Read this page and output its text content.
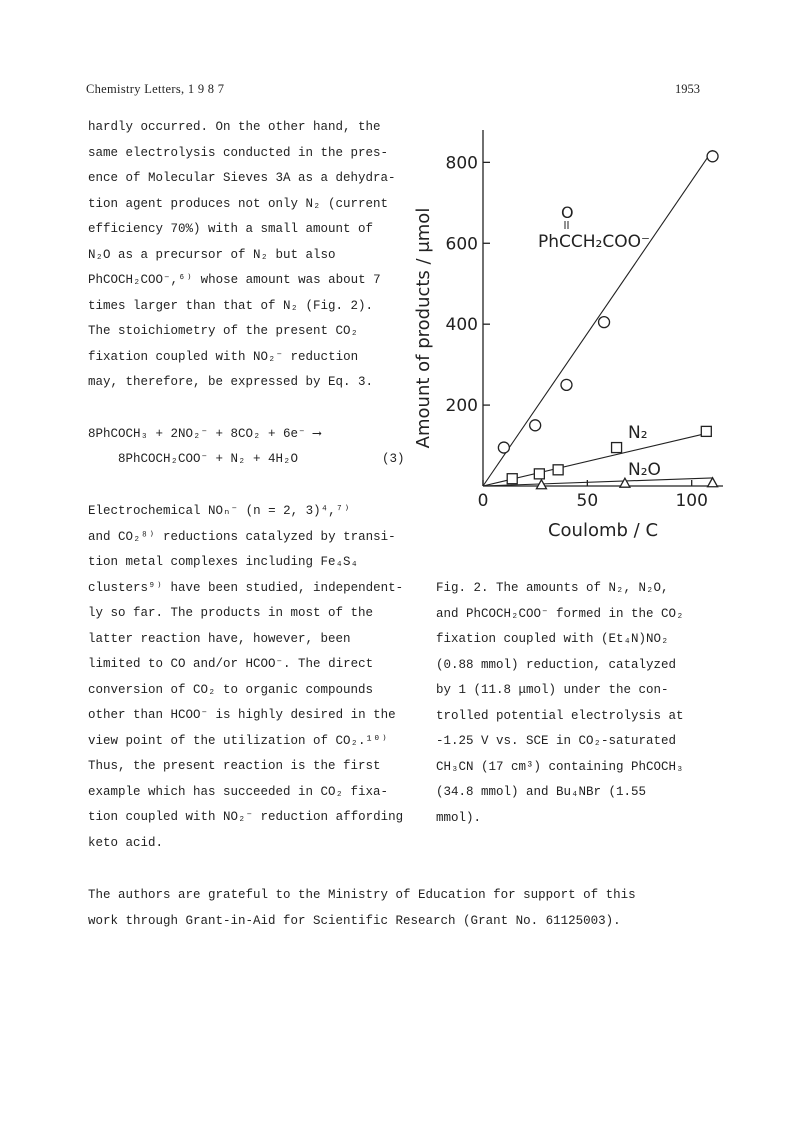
Chemistry Letters, 1 9 8 7	1953
200
400
600
800
0	50	100
Coulomb / C
Amount of products / μmol	PhCCH₂COO⁻
O
N₂
N₂O
hardly occurred. On the other hand, the
same electrolysis conducted in the pres-
ence of Molecular Sieves 3A as a dehydra-
tion agent produces not only N₂ (current
efficiency 70%) with a small amount of
N₂O as a precursor of N₂ but also
PhCOCH₂COO⁻,⁶⁾ whose amount was about 7
times larger than that of N₂ (Fig. 2).
The stoichiometry of the present CO₂
fixation coupled with NO₂⁻ reduction
may, therefore, be expressed by Eq. 3.
8PhCOCH₃ + 2NO₂⁻ + 8CO₂ + 6e⁻ ⟶
8PhCOCH₂COO⁻ + N₂ + 4H₂O	(3)
Electrochemical NOₙ⁻ (n = 2, 3)⁴,⁷⁾
and CO₂⁸⁾ reductions catalyzed by transi-
tion metal complexes including Fe₄S₄
clusters⁹⁾ have been studied, independent-
ly so far. The products in most of the
latter reaction have, however, been
limited to CO and/or HCOO⁻. The direct
conversion of CO₂ to organic compounds
other than HCOO⁻ is highly desired in the
view point of the utilization of CO₂.¹⁰⁾
Thus, the present reaction is the first
example which has succeeded in CO₂ fixa-
tion coupled with NO₂⁻ reduction affording
keto acid.
Fig. 2. The amounts of N₂, N₂O,
and PhCOCH₂COO⁻ formed in the CO₂
fixation coupled with (Et₄N)NO₂
(0.88 mmol) reduction, catalyzed
by 1 (11.8 μmol) under the con-
trolled potential electrolysis at
-1.25 V vs. SCE in CO₂-saturated
CH₃CN (17 cm³) containing PhCOCH₃
(34.8 mmol) and Bu₄NBr (1.55
mmol).
The authors are grateful to the Ministry of Education for support of this
work through Grant-in-Aid for Scientific Research (Grant No. 61125003).
